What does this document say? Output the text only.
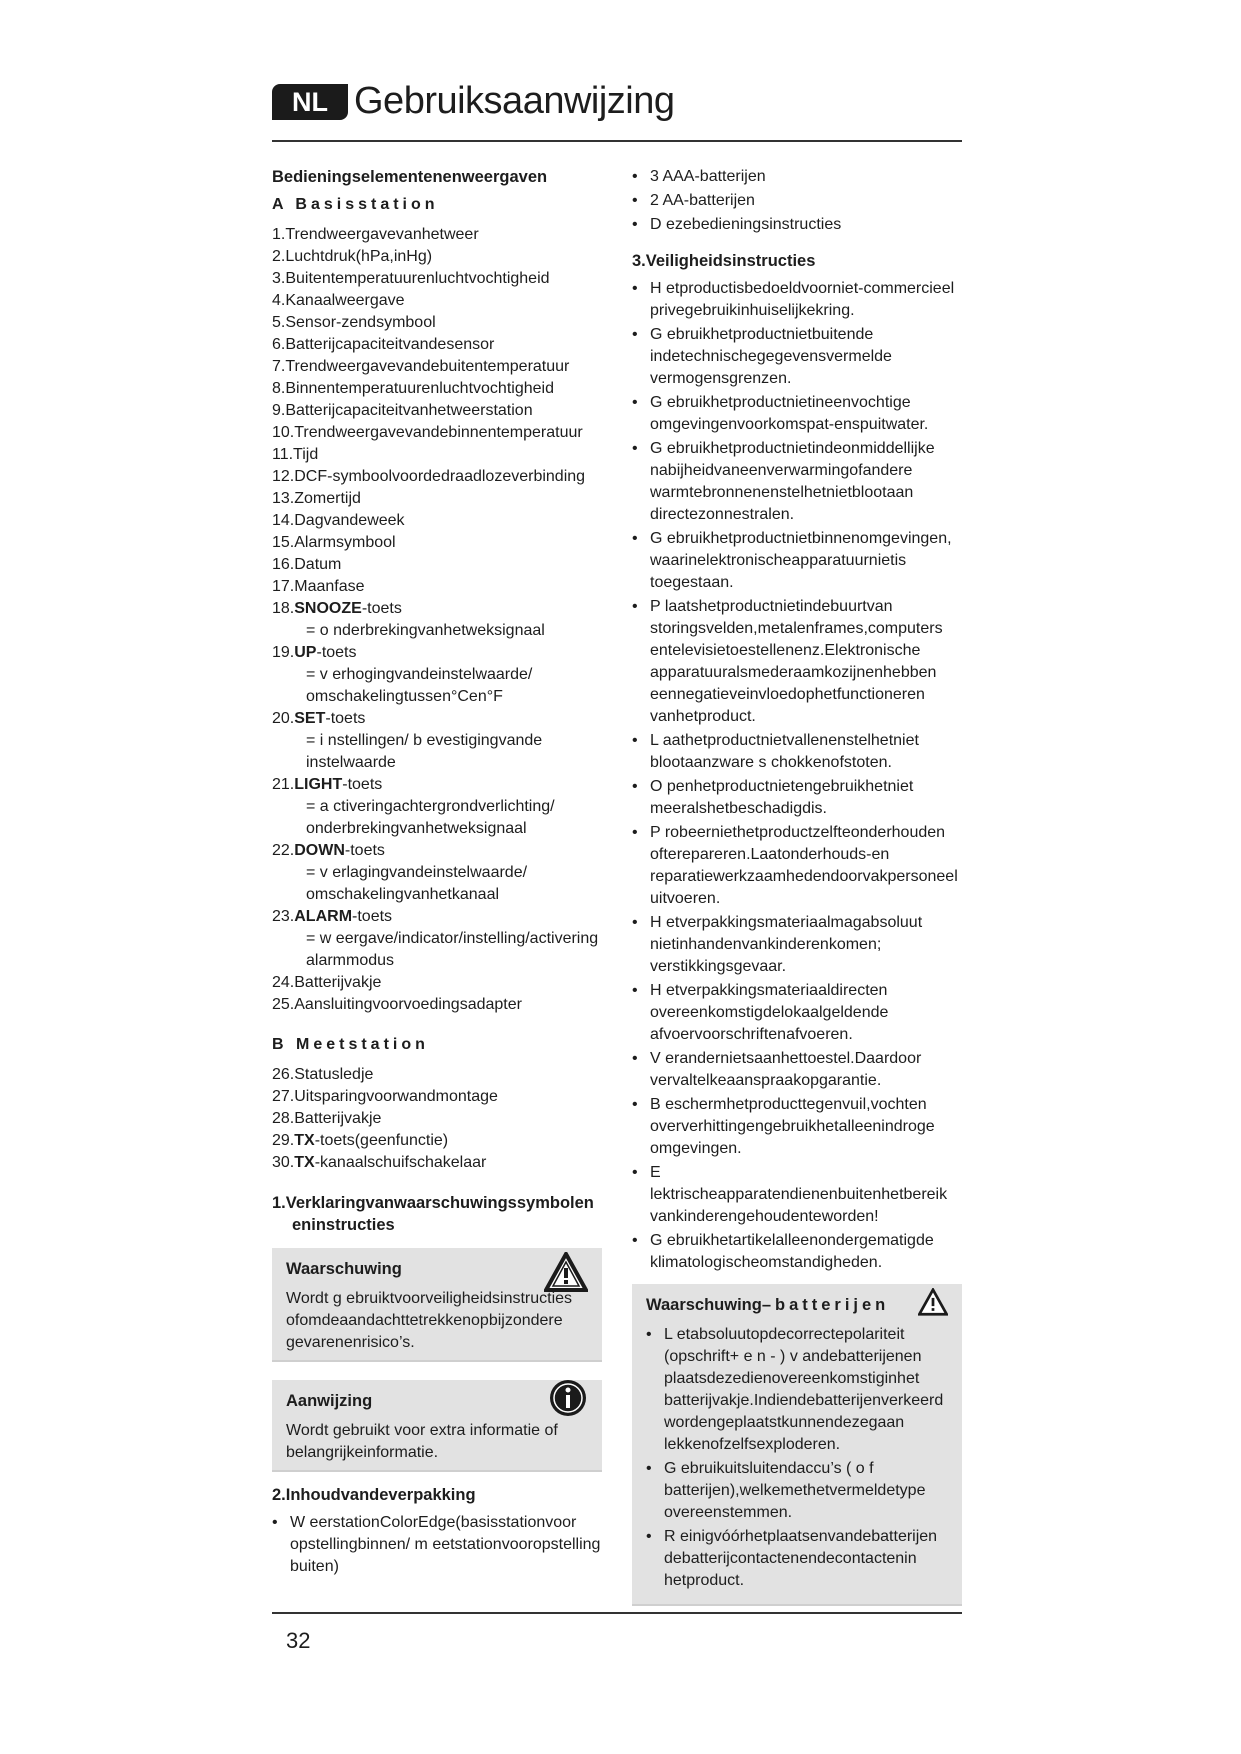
NL Gebruiksaanwijzing
Bedieningselementenenweergaven
A Basisstation
1.Trendweergavevanhetweer
2.Luchtdruk(hPa,inHg)
3.Buitentemperatuurenluchtvochtigheid
4.Kanaalweergave
5.Sensor-zendsymbool
6.Batterijcapaciteitvandesensor
7.Trendweergavevandebuitentemperatuur
8.Binnentemperatuurenluchtvochtigheid
9.Batterijcapaciteitvanhetweerstation
10.Trendweergavevandebinnentemperatuur
11.Tijd
12.DCF-symboolvoordedraadlozeverbinding
13.Zomertijd
14.Dagvandeweek
15.Alarmsymbool
16.Datum
17.Maanfase
18.SNOOZE-toets
= o nderbrekingvanhetweksignaal
19.UP-toets
= v erhogingvandeinstelwaarde/
omschakelingtussen°Cen°F
20.SET-toets
= i nstellingen/ b evestigingvande
instelwaarde
21.LIGHT-toets
= a ctiveringachtergrondverlichting/
onderbrekingvanhetweksignaal
22.DOWN-toets
= v erlagingvandeinstelwaarde/
omschakelingvanhetkanaal
23.ALARM-toets
= w eergave/indicator/instelling/activering
alarmmodus
24.Batterijvakje
25.Aansluitingvoorvoedingsadapter
B Meetstation
26.Statusledje
27.Uitsparingvoorwandmontage
28.Batterijvakje
29.TX-toets(geenfunctie)
30.TX-kanaalschuifschakelaar
1.Verklaringvanwaarschuwingssymbolen
eninstructies
Waarschuwing
Wordt g ebruiktvoorveiligheidsinstructies
ofomdeaandachttetrekkenopbijzondere
gevarenenrisico’s.
Aanwijzing
Wordt gebruikt voor extra informatie of
belangrijkeinformatie.
2.Inhoudvandeverpakking
• W eerstationColorEdge(basisstationvoor
opstellingbinnen/ m eetstationvooropstelling
buiten)
• 3 AAA-batterijen
• 2 AA-batterijen
• D ezebedieningsinstructies
3.Veiligheidsinstructies
• H etproductisbedoeldvoorniet-commercieel
privegebruikinhuiselijkekring.
• G ebruikhetproductnietbuitende
indetechnischegegevensvermelde
vermogensgrenzen.
• G ebruikhetproductnietineenvochtige
omgevingenvoorkomspat-enspuitwater.
• G ebruikhetproductnietindeonmiddellijke
nabijheidvaneenverwarmingofandere
warmtebronnenenstelhetnietblootaan
directezonnestralen.
• G ebruikhetproductnietbinnenomgevingen,
waarinelektronischeapparatuurnietis
toegestaan.
• P laatshetproductnietindebuurtvan
storingsvelden,metalenframes,computers
entelevisietoestellenenz.Elektronische
apparatuuralsmederaamkozijnenhebben
eennegatieveinvloedophetfunctioneren
vanhetproduct.
• L aathetproductnietvallenenstelhetniet
blootaanzware s chokkenofstoten.
• O penhetproductnietengebruikhetniet
meeralshetbeschadigdis.
• P robeerniethetproductzelfteonderhouden
ofterepareren.Laatonderhouds-en
reparatiewerkzaamhedendoorvakpersoneel
uitvoeren.
• H etverpakkingsmateriaalmagabsoluut
nietinhandenvankinderenkomen;
verstikkingsgevaar.
• H etverpakkingsmateriaaldirecten
overeenkomstigdelokaalgeldende
afvoervoorschriftenafvoeren.
• V erandernietsaanhettoestel.Daardoor
vervaltelkeaanspraakopgarantie.
• B eschermhetproducttegenvuil,vochten
oververhittingengebruikhetalleenindroge
omgevingen.
• E lektrischeapparatendienenbuitenhetbereik
vankinderengehoudenteworden!
• G ebruikhetartikelalleenondergematigde
klimatologischeomstandigheden.
Waarschuwing– batterijen
• L etabsoluutopdecorrectepolariteit
(opschrift+ e n - ) v andebatterijenen
plaatsdezedienovereenkomstiginhet
batterijvakje.Indiendebatterijenverkeerd
wordengeplaatstkunnendezegaan
lekkenofzelfsexploderen.
• G ebruikuitsluitendaccu’s ( o f
batterijen),welkemethetvermeldetype
overeenstemmen.
• R einigvóórhetplaatsenvandebatterijen
debatterijcontactenendecontactenin
hetproduct.
32
